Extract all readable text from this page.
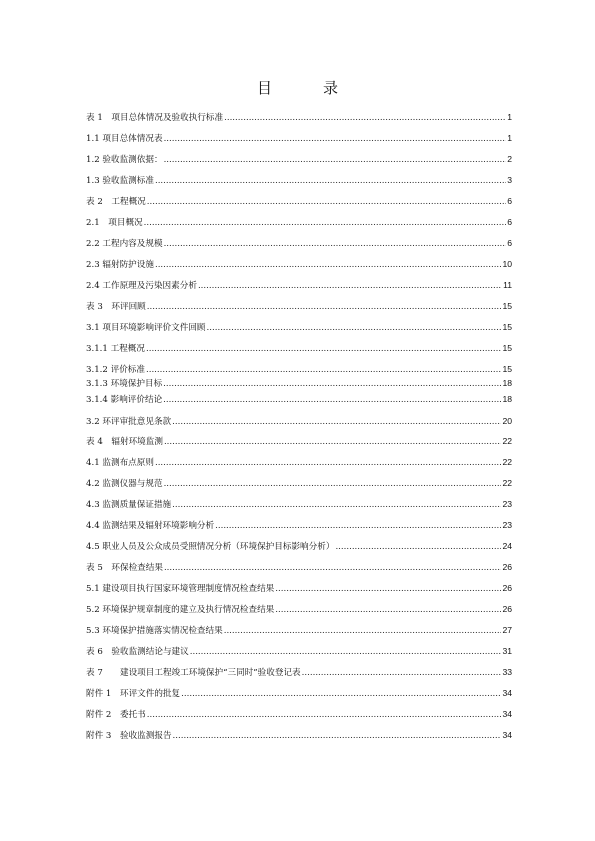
目　录
表 1　项目总体情况及验收执行标准 .....	1
1.1 项目总体情况表 .....	1
1.2 验收监测依据： .....	2
1.3 验收监测标准 .....	3
表 2　工程概况 .....	6
2.1　项目概况 .....	6
2.2 工程内容及规模 .....	6
2.3 辐射防护设施 .....	10
2.4 工作原理及污染因素分析 .....	11
表 3　环评回顾 .....	15
3.1 项目环境影响评价文件回顾 .....	15
3.1.1 工程概况 .....	15
3.1.2 评价标准 .....	15
3.1.3 环境保护目标 .....	18
3.1.4 影响评价结论 .....	18
3.2 环评审批意见条款 .....	20
表 4　辐射环境监测 .....	22
4.1 监测布点原则 .....	22
4.2 监测仪器与规范 .....	22
4.3 监测质量保证措施 .....	23
4.4 监测结果及辐射环境影响分析 .....	23
4.5 职业人员及公众成员受照情况分析（环境保护目标影响分析） .....	24
表 5　环保检查结果 .....	26
5.1 建设项目执行国家环境管理制度情况检查结果 .....	26
5.2 环境保护规章制度的建立及执行情况检查结果 .....	26
5.3 环境保护措施落实情况检查结果 .....	27
表 6　验收监测结论与建议 .....	31
表 7　　建设项目工程竣工环境保护“三同时”验收登记表 .....	33
附件 1　环评文件的批复 .....	34
附件 2　委托书 .....	34
附件 3　验收监测报告 .....	34
